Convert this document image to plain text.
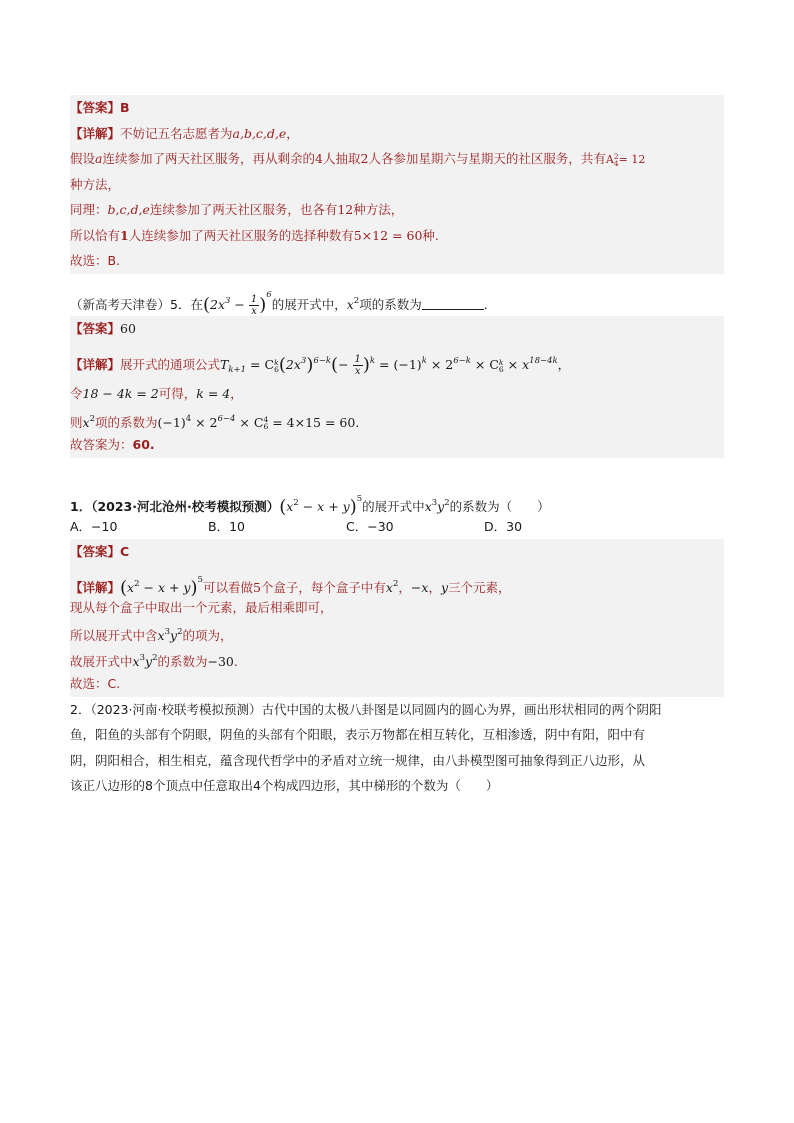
【答案】B
【详解】不妨记五名志愿者为a,b,c,d,e，
假设a连续参加了两天社区服务，再从剩余的4人抽取2人各参加星期六与星期天的社区服务，共有A 2
4 = 12
种方法，
同理：b,c,d,e连续参加了两天社区服务，也各有12种方法，
所以恰有1人连续参加了两天社区服务的选择种数有5×12 = 60种.
故选：B.
（新高考天津卷）5．在$(2x^3 - \frac{1}{x} )^6$的展开式中，$x^2$项的系数为	．
【答案】60
【详解】展开式的通项公式$T_{k+1} = C$ k
6 $(2x^3)^{6-k}(- \frac{1}{x} )^k = (-1)^k \times 2^{6-k} \times C$ k
$6 \times x^{18-4k}$，
令18 − 4k = 2可得，k = 4，
则$x^2$项的系数为$(-1)^4 \times 2^{6-4} \times C$ 4
6 = 4×15 = 60.
故答案为：60.
1．（2023·河北沧州·校考模拟预测）$(x^2 - x + y)^5$的展开式中$x^3y^2$的系数为（　　）
A．−10	B．10	C．−30	D．30
【答案】C
【详解】$(x^2 - x + y)^5$可以看做5个盒子，每个盒子中有$x^2$，−x，y三个元素，
现从每个盒子中取出一个元素，最后相乘即可，
所以展开式中含$x^3y^2$的项为，
故展开式中$x^3y^2$的系数为−30.
故选：C.
2．（2023·河南·校联考模拟预测）古代中国的太极八卦图是以同圆内的圆心为界，画出形状相同的两个阴阳
鱼，阳鱼的头部有个阴眼，阴鱼的头部有个阳眼，表示万物都在相互转化，互相渗透，阴中有阳，阳中有
阴，阴阳相合，相生相克，蕴含现代哲学中的矛盾对立统一规律，由八卦模型图可抽象得到正八边形，从
该正八边形的8个顶点中任意取出4个构成四边形，其中梯形的个数为（　　）
